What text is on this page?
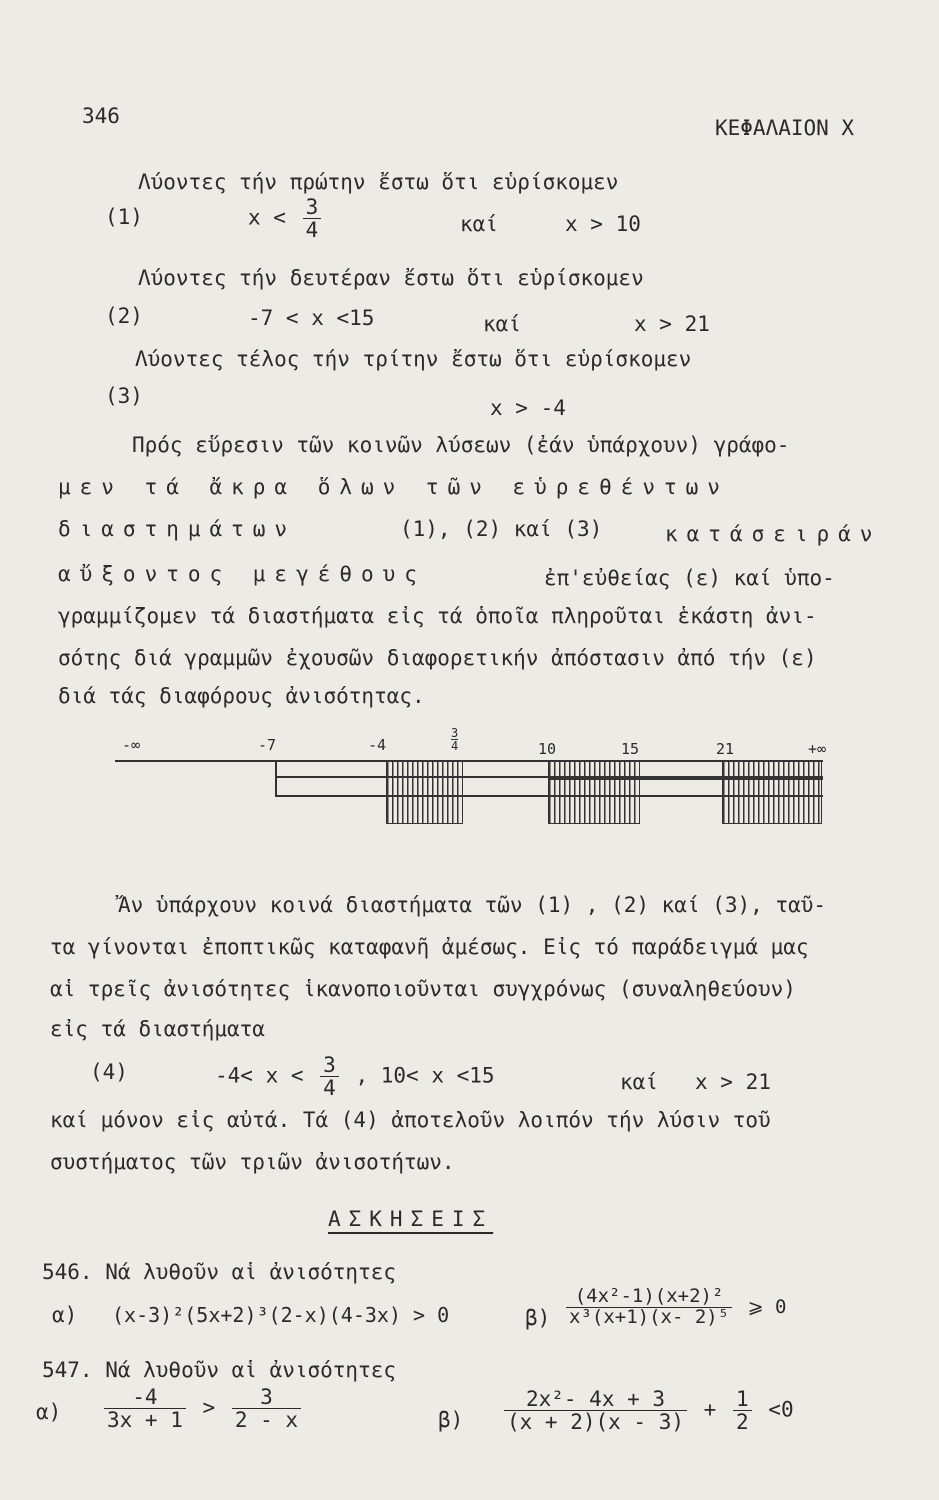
346	ΚΕΦΑΛΑΙΟΝ Χ
Λύοντες τήν πρώτην ἔστω ὅτι εὑρίσκομεν
(1)	$x < \frac{3}{4}$	καί	x > 10
Λύοντες τήν δευτέραν ἔστω ὅτι εὑρίσκομεν
(2)	-7 < x <15	καί	x > 21
Λύοντες τέλος τήν τρίτην ἔστω ὅτι εὑρίσκομεν
(3)	x > -4
Πρός εὕρεσιν τῶν κοινῶν λύσεων (ἐάν ὑπάρχουν) γράφο-
μεν τά ἄκρα ὅλων τῶν εὑρεθέντων
διαστημάτων	(1), (2) καί (3)	κατάσειράν
αὔξοντος μεγέθους	ἐπ'εὐθείας (ε) καί ὑπο-
γραμμίζομεν τά διαστήματα εἰς τά ὁποῖα πληροῦται ἑκάστη ἀνι-
σότης διά γραμμῶν ἐχουσῶν διαφορετικήν ἀπόστασιν ἀπό τήν (ε)
διά τάς διαφόρους ἀνισότητας.
-∞	-7	-4	$\frac{3}{4}$	10	15	21	+∞
Ἄν ὑπάρχουν κοινά διαστήματα τῶν (1) , (2) καί (3), ταῦ-
τα γίνονται ἐποπτικῶς καταφανῆ ἀμέσως. Εἰς τό παράδειγμά μας
αἱ τρεῖς ἀνισότητες ἱκανοποιοῦνται συγχρόνως (συναληθεύουν)
εἰς τά διαστήματα
(4)	$-4< x < \frac{3}{4}$ , 10< x <15	καί x > 21
καί μόνον εἰς αὐτά. Τά (4) ἀποτελοῦν λοιπόν τήν λύσιν τοῦ
συστήματος τῶν τριῶν ἀνισοτήτων.
ΑΣΚΗΣΕΙΣ
546. Νά λυθοῦν αἱ ἀνισότητες
α) (x-3)²(5x+2)³(2-x)(4-3x) > 0	$\beta) \frac{\text{(4x²-1)(x+2)²}}{\text{x³(x+1)(x- 2)⁵}}$ ⩾ 0
547. Νά λυθοῦν αἱ ἀνισότητες
$\alpha) \frac{-4}{3x + 1} > \frac{3}{2 - x}$	$\beta) \frac{\text{2x²- 4x + 3}}{(x + 2)(x - 3)} + \frac{1}{2} <0$
